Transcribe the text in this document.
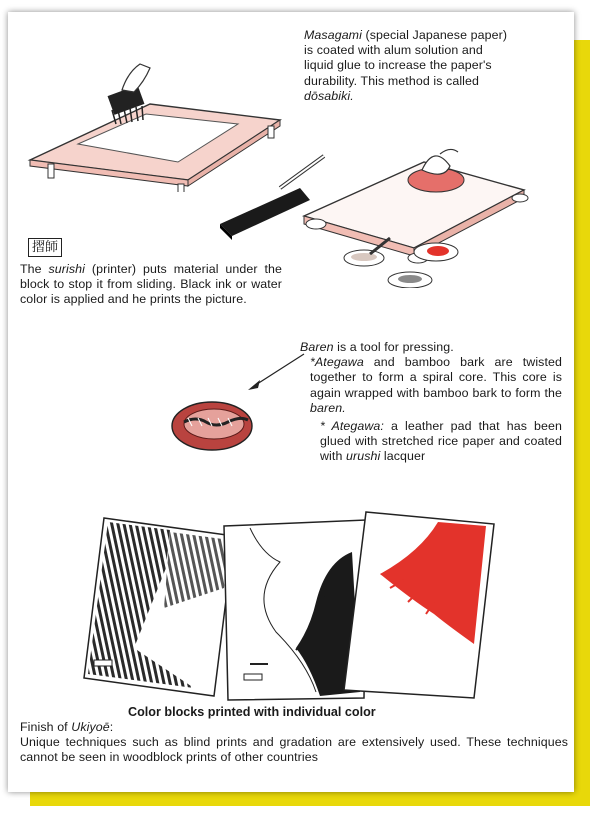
Masagami (special Japanese paper)
is coated with alum solution and
liquid glue to increase the paper's
durability. This method is called
dōsabiki.
摺師
The surishi (printer) puts material under the block to stop it from sliding. Black ink or water color is applied and he prints the picture.
Baren is a tool for pressing.
*Ategawa and bamboo bark are twisted together to form a spiral core. This core is again wrapped with bamboo bark to form the baren.
* Ategawa: a leather pad that has been glued with stretched rice paper and coated with urushi lacquer
Color blocks printed with individual color
Finish of Ukiyoē:
Unique techniques such as blind prints and gradation are extensively used. These techniques cannot be seen in woodblock prints of other countries
